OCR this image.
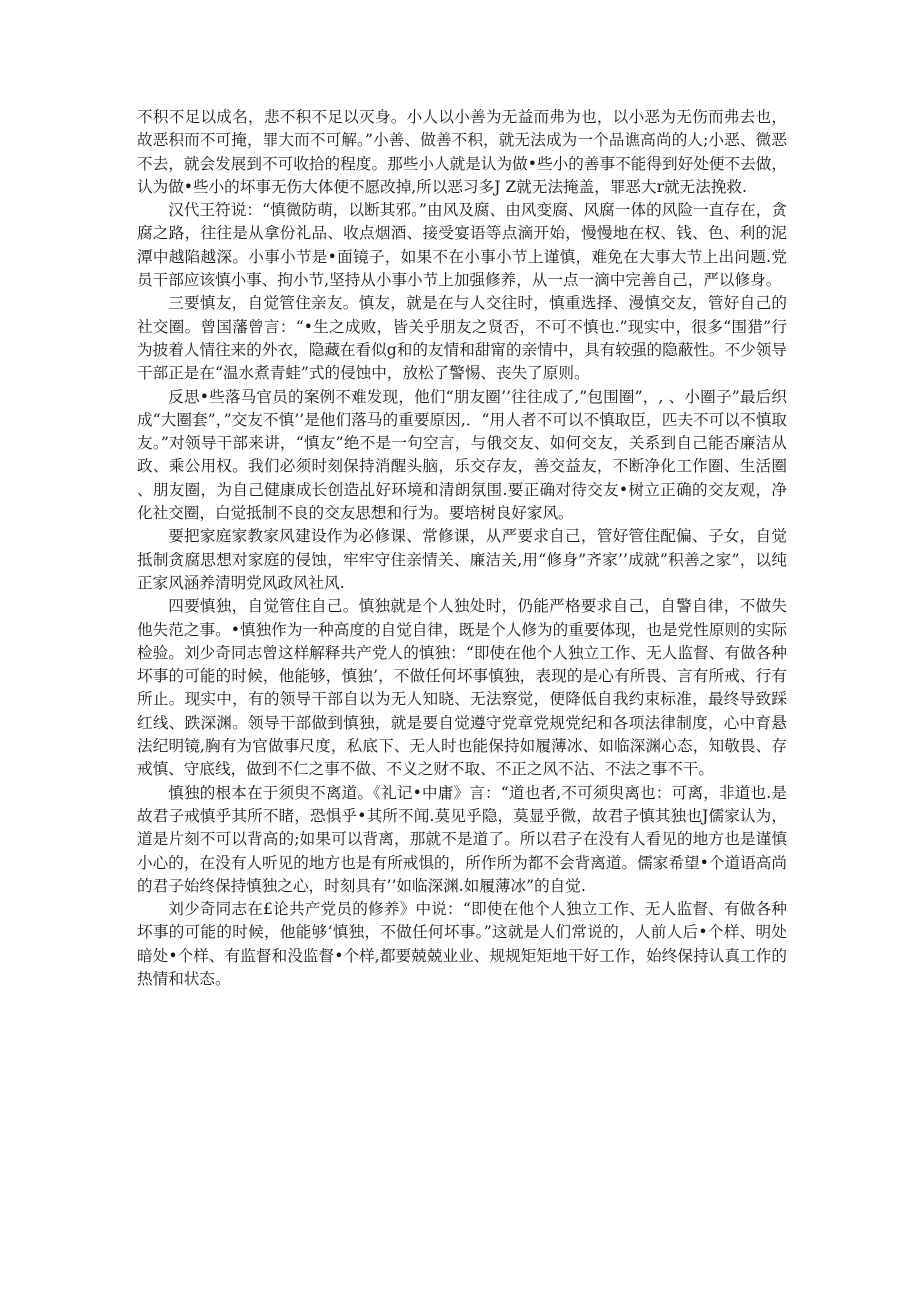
不积不足以成名，悲不积不足以灭身。小人以小善为无益而弗为也，以小恶为无伤而弗去也，故恶积而不可掩，罪大而不可解。”小善、做善不积，就无法成为一个品谯高尚的人;小恶、微恶不去，就会发展到不可收拾的程度。那些小人就是认为做•些小的善事不能得到好处便不去做，认为做•些小的坏事无伤大体便不愿改掉,所以恶习多J Z就无法掩盖，罪恶大r就无法挽救.

汉代王符说：“慎微防萌，以断其邪。”由风及腐、由风变腐、风腐一体的风险一直存在，贪腐之路，往往是从拿份礼品、收点烟酒、接受宴语等点滴开始，慢慢地在权、钱、色、利的泥潭中越陷越深。小事小节是•面镜子，如果不在小事小节上谨慎，难免在大事大节上出问题.党员干部应该慎小事、拘小节,坚持从小事小节上加强修养，从一点一滴中完善自己，严以修身。

三要慎友，自觉管住亲友。慎友，就是在与人交往时，慎重选择、漫慎交友，管好自己的社交圈。曾国藩曾言：“•生之成败，皆关乎朋友之贤否，不可不慎也.”现实中，很多“围猎”行为披着人情往来的外衣，隐藏在看似g和的友情和甜甯的亲情中，具有较强的隐蔽性。不少领导干部正是在“温水煮青蛙”式的侵蚀中，放松了警惕、丧失了原则。

反思•些落马官员的案例不难发现，他们“朋友圈’’往往成了,”包围圈”，, 、小圈子”最后织成“大圈套”，”交友不慎’’是他们落马的重要原因,．“用人者不可以不慎取臣，匹夫不可以不慎取友。”对领导干部来讲，“慎友”绝不是一句空言，与俄交友、如何交友，关系到自己能否廉洁从政、乘公用权。我们必须时刻保持消醒头脑，乐交存友，善交益友，不断净化工作圈、生活圈、朋友圈，为自己健康成长创造乩好环境和清朗氛围.要正确对待交友•树立正确的交友观，净化社交圈，白觉抵制不良的交友思想和行为。要培树良好家风。

要把家庭家教家风建设作为必修课、常修课，从严要求自己，管好管住配偏、子女，自觉抵制贪腐思想对家庭的侵蚀，牢牢守住亲情关、廉洁关,用“修身”齐家’’成就”积善之家”，以纯正家风涵养清明党风政风社风.

四要慎独，自觉管住自己。慎独就是个人独处时，仍能严格要求自己，自警自律，不做失他失范之事。•慎独作为一种高度的自觉自律，既是个人修为的重要体现，也是党性原则的实际检验。刘少奇同志曾这样解释共产党人的慎独：“即使在他个人独立工作、无人监督、有做各种坏事的可能的时候，他能够，慎独’，不做任何坏事慎独，表现的是心有所畏、言有所戒、行有所止。现实中，有的领导干部自以为无人知晓、无法察觉，便降低自我约束标准，最终导致踩红线、跌深渊。领导干部做到慎独，就是要自觉遵守党章党规党纪和各项法律制度，心中育悬法纪明镜,胸有为官做事尺度，私底下、无人时也能保持如履薄冰、如临深渊心态，知敬畏、存戒慎、守底线，做到不仁之事不做、不义之财不取、不正之风不沾、不法之事不干。

慎独的根本在于须臾不离道。《礼记•中庸》言：“道也者,不可须臾离也：可离，非道也.是故君子戒慎乎其所不睹，恐惧乎•其所不闻.莫见乎隐，莫显乎微，故君子慎其独也J儒家认为，道是片刻不可以背高的;如果可以背离，那就不是道了。所以君子在没有人看见的地方也是谨慎小心的，在没有人听见的地方也是有所戒惧的，所作所为都不会背离道。儒家希望•个道语高尚的君子始终保持慎独之心，时刻具有’’如临深渊.如履薄冰”的自觉.

刘少奇同志在£论共产党员的修养》中说：“即使在他个人独立工作、无人监督、有做各种坏事的可能的时候，他能够‘慎独，不做任何坏事。”这就是人们常说的，人前人后•个样、明处暗处•个样、有监督和没监督•个样,都要兢兢业业、规规矩矩地干好工作，始终保持认真工作的热情和状态。
